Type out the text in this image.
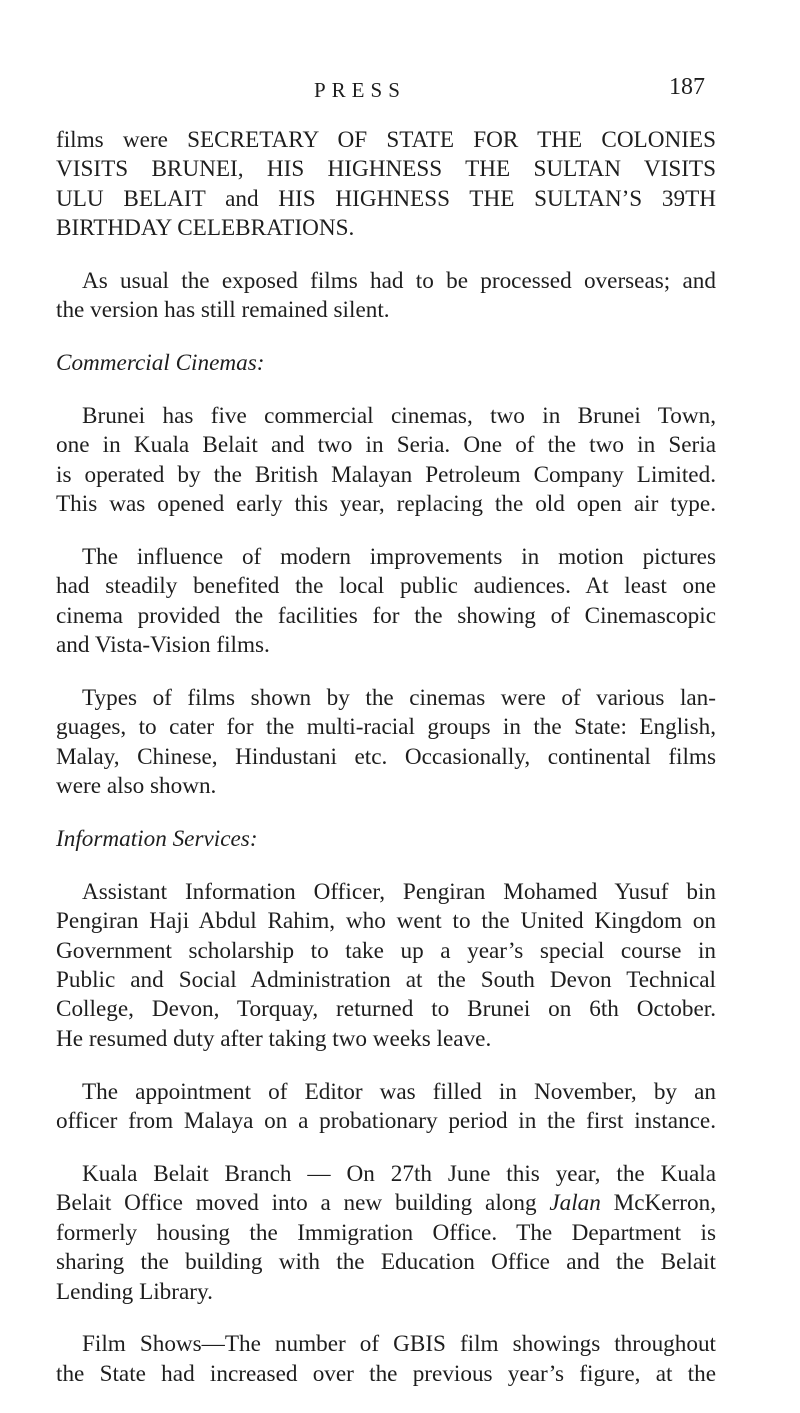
PRESS	187
films were SECRETARY OF STATE FOR THE COLONIES
VISITS BRUNEI, HIS HIGHNESS THE SULTAN VISITS
ULU BELAIT and HIS HIGHNESS THE SULTAN’S 39TH
BIRTHDAY CELEBRATIONS.
As usual the exposed films had to be processed overseas; and
the version has still remained silent.
Commercial Cinemas:
Brunei has five commercial cinemas, two in Brunei Town,
one in Kuala Belait and two in Seria. One of the two in Seria
is operated by the British Malayan Petroleum Company Limited.
This was opened early this year, replacing the old open air type.
The influence of modern improvements in motion pictures
had steadily benefited the local public audiences. At least one
cinema provided the facilities for the showing of Cinemascopic
and Vista-Vision films.
Types of films shown by the cinemas were of various lan-
guages, to cater for the multi-racial groups in the State: English,
Malay, Chinese, Hindustani etc. Occasionally, continental films
were also shown.
Information Services:
Assistant Information Officer, Pengiran Mohamed Yusuf bin
Pengiran Haji Abdul Rahim, who went to the United Kingdom on
Government scholarship to take up a year’s special course in
Public and Social Administration at the South Devon Technical
College, Devon, Torquay, returned to Brunei on 6th October.
He resumed duty after taking two weeks leave.
The appointment of Editor was filled in November, by an
officer from Malaya on a probationary period in the first instance.
Kuala Belait Branch — On 27th June this year, the Kuala
Belait Office moved into a new building along Jalan McKerron,
formerly housing the Immigration Office. The Department is
sharing the building with the Education Office and the Belait
Lending Library.
Film Shows—The number of GBIS film showings throughout
the State had increased over the previous year’s figure, at the
